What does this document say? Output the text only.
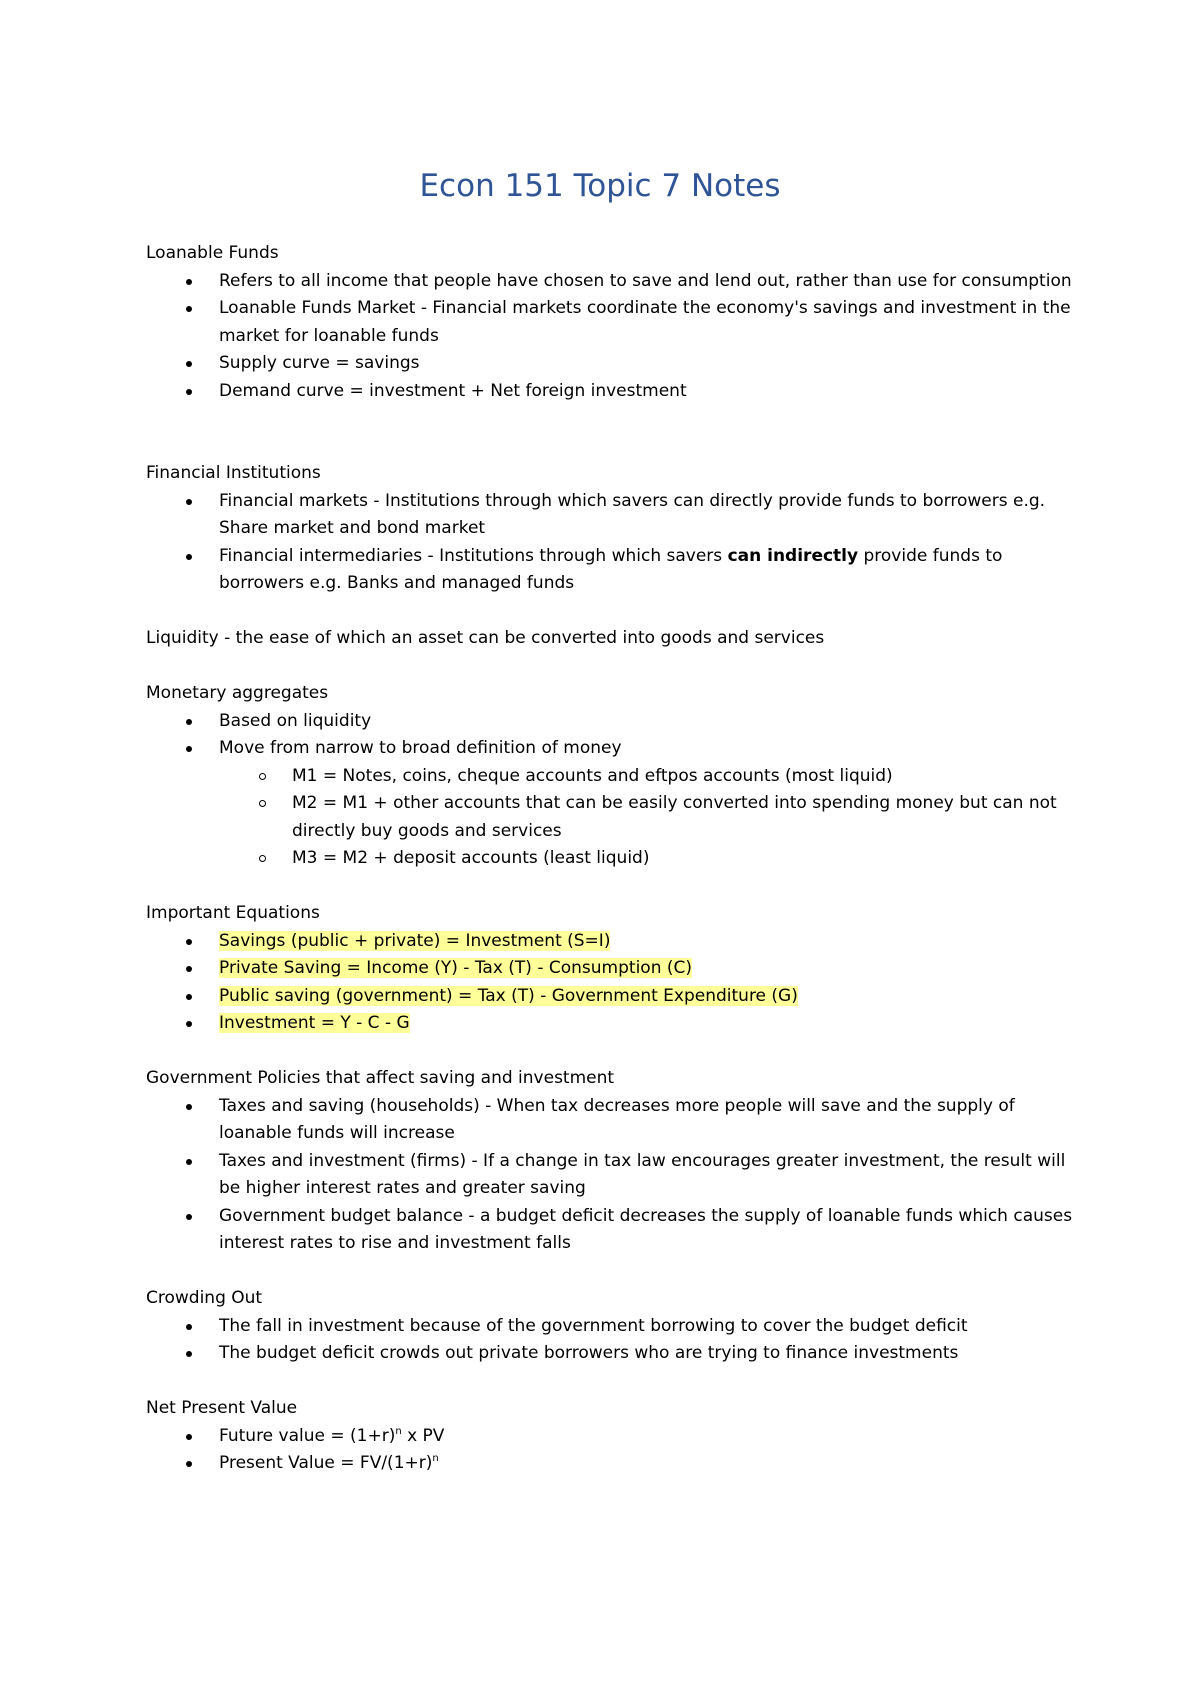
Econ 151 Topic 7 Notes

Loanable Funds

Refers to all income that people have chosen to save and lend out, rather than use for consumption
Loanable Funds Market - Financial markets coordinate the economy's savings and investment in the market for loanable funds
Supply curve = savings
Demand curve = investment + Net foreign investment

Financial Institutions

Financial markets - Institutions through which savers can directly provide funds to borrowers e.g. Share market and bond market
Financial intermediaries - Institutions through which savers can indirectly provide funds to borrowers e.g. Banks and managed funds

Liquidity - the ease of which an asset can be converted into goods and services

Monetary aggregates

Based on liquidity
Move from narrow to broad definition of money
M1 = Notes, coins, cheque accounts and eftpos accounts (most liquid)
M2 = M1 + other accounts that can be easily converted into spending money but can not directly buy goods and services
M3 = M2 + deposit accounts (least liquid)

Important Equations

Savings (public + private) = Investment (S=I)
Private Saving = Income (Y) - Tax (T) - Consumption (C)
Public saving (government) = Tax (T) - Government Expenditure (G)
Investment = Y - C - G

Government Policies that affect saving and investment

Taxes and saving (households) - When tax decreases more people will save and the supply of loanable funds will increase
Taxes and investment (firms) - If a change in tax law encourages greater investment, the result will be higher interest rates and greater saving
Government budget balance - a budget deficit decreases the supply of loanable funds which causes interest rates to rise and investment falls

Crowding Out

The fall in investment because of the government borrowing to cover the budget deficit
The budget deficit crowds out private borrowers who are trying to finance investments

Net Present Value

Future value = $(1+r)^n$ x PV
Present Value = $FV/(1+r)^n$
